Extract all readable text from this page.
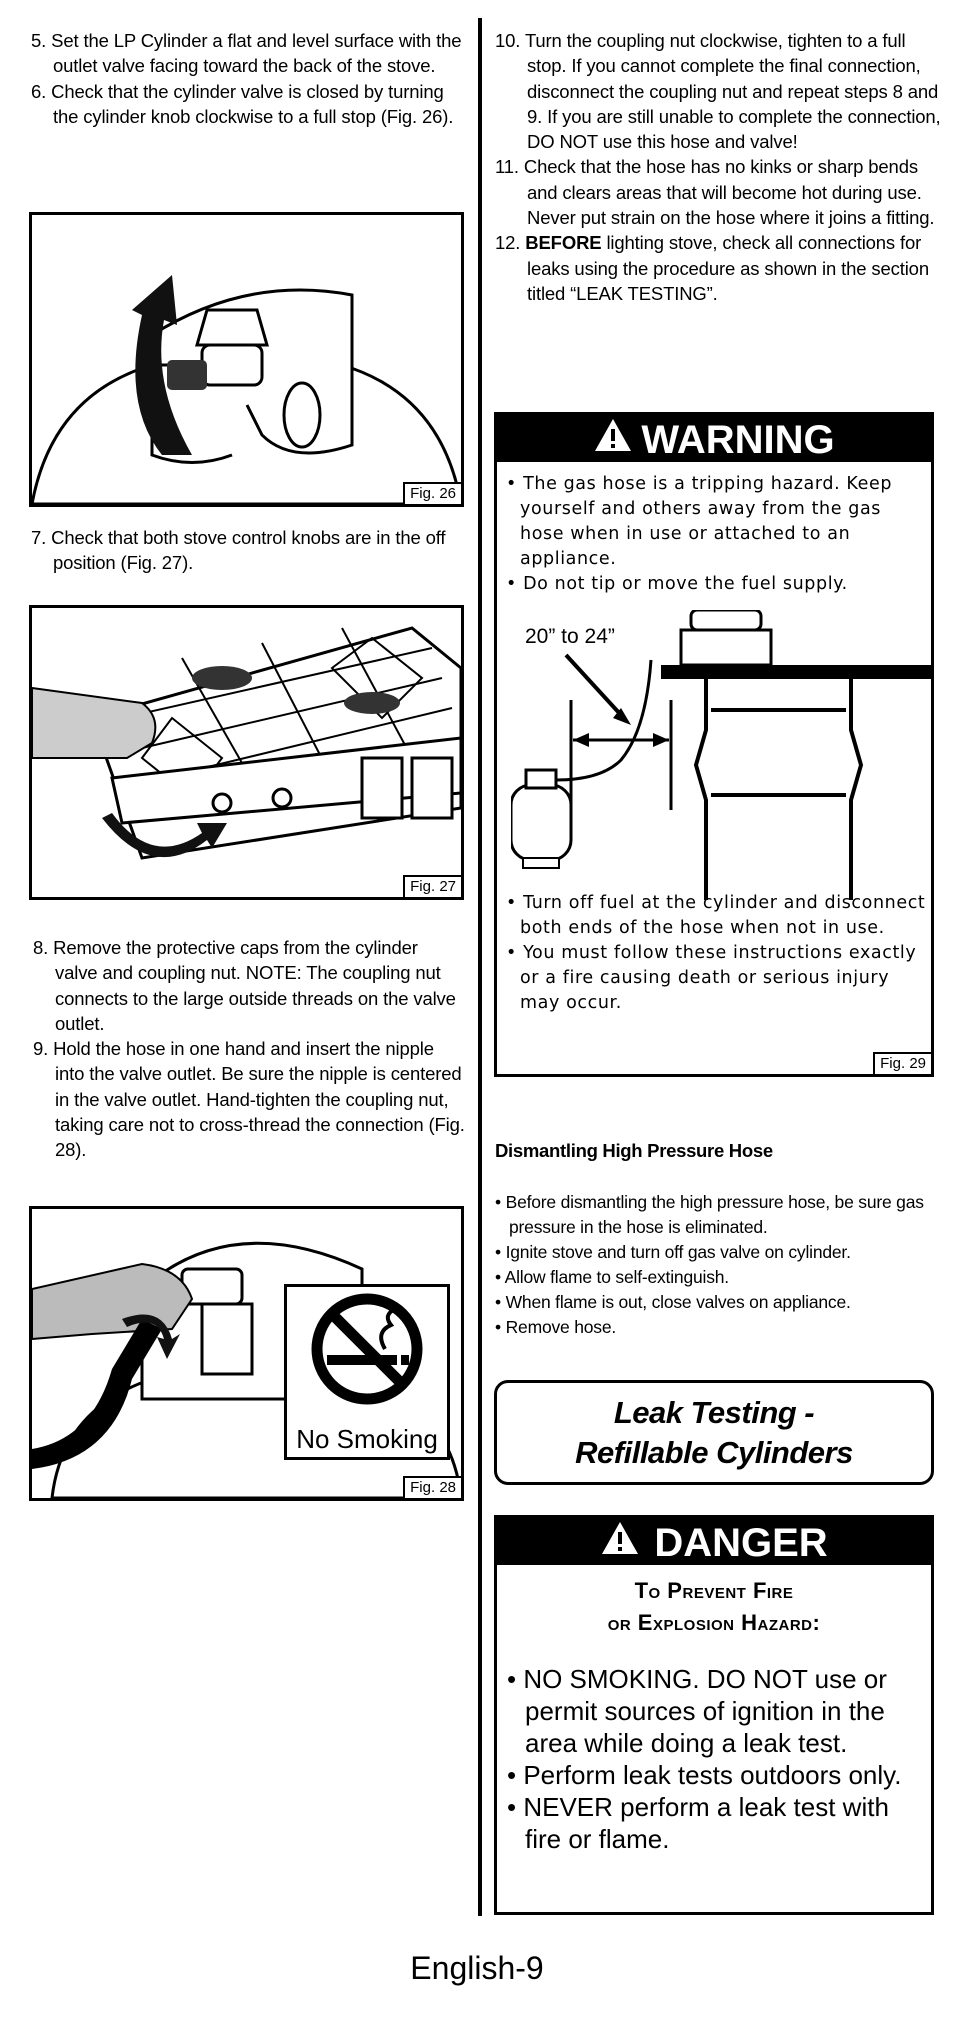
5. Set the LP Cylinder a flat and level surface with the outlet valve facing toward the back of the stove.
6. Check that the cylinder valve is closed by turning the cylinder knob clockwise to a full stop (Fig. 26).
Fig. 26
7. Check that both stove control knobs are in the off position (Fig. 27).
Fig. 27
8. Remove the protective caps from the cylinder valve and coupling nut. NOTE: The coupling nut connects to the large outside threads on the valve outlet.
9. Hold the hose in one hand and insert the nipple into the valve outlet. Be sure the nipple is centered in the valve outlet. Hand-tighten the coupling nut, taking care not to cross-thread the connection (Fig. 28).
No Smoking
Fig. 28
10. Turn the coupling nut clockwise, tighten to a full stop. If you cannot complete the final connection, disconnect the coupling nut and repeat steps 8 and 9. If you are still unable to complete the connection, DO NOT use this hose and valve!
11. Check that the hose has no kinks or sharp bends and clears areas that will become hot during use. Never put strain on the hose where it joins a fitting.
12. BEFORE lighting stove, check all connections for leaks using the procedure as shown in the section titled “LEAK TESTING”.
WARNING
• The gas hose is a tripping hazard. Keep yourself and others away from the gas hose when in use or attached to an appliance.
• Do not tip or move the fuel supply.
20” to 24”
• Turn off fuel at the cylinder and disconnect both ends of the hose when not in use.
• You must follow these instructions exactly or a fire causing death or serious injury may occur.
Fig. 29
Dismantling High Pressure Hose
• Before dismantling the high pressure hose, be sure gas pressure in the hose is eliminated.
• Ignite stove and turn off gas valve on cylinder.
• Allow flame to self-extinguish.
• When flame is out, close valves on appliance.
• Remove hose.
Leak Testing - Refillable Cylinders
DANGER
To Prevent Fire
or Explosion Hazard:
• NO SMOKING. DO NOT use or permit sources of ignition in the area while doing a leak test.
• Perform leak tests outdoors only.
• NEVER perform a leak test with fire or flame.
English-9
